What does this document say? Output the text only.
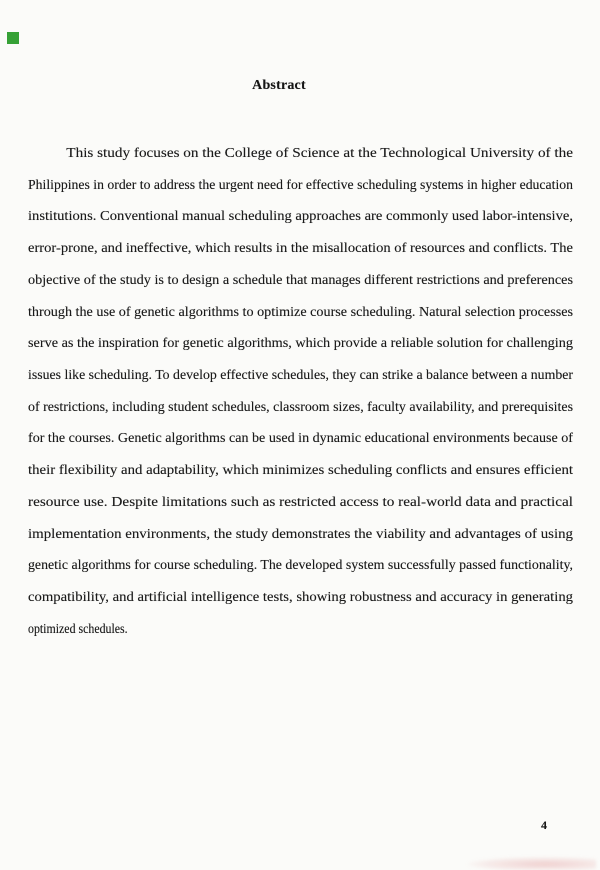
Abstract
This study focuses on the College of Science at the Technological University of the
Philippines in order to address the urgent need for effective scheduling systems in higher education
institutions. Conventional manual scheduling approaches are commonly used labor-intensive,
error-prone, and ineffective, which results in the misallocation of resources and conflicts. The
objective of the study is to design a schedule that manages different restrictions and preferences
through the use of genetic algorithms to optimize course scheduling. Natural selection processes
serve as the inspiration for genetic algorithms, which provide a reliable solution for challenging
issues like scheduling. To develop effective schedules, they can strike a balance between a number
of restrictions, including student schedules, classroom sizes, faculty availability, and prerequisites
for the courses. Genetic algorithms can be used in dynamic educational environments because of
their flexibility and adaptability, which minimizes scheduling conflicts and ensures efficient
resource use. Despite limitations such as restricted access to real-world data and practical
implementation environments, the study demonstrates the viability and advantages of using
genetic algorithms for course scheduling. The developed system successfully passed functionality,
compatibility, and artificial intelligence tests, showing robustness and accuracy in generating
optimized schedules.
4
